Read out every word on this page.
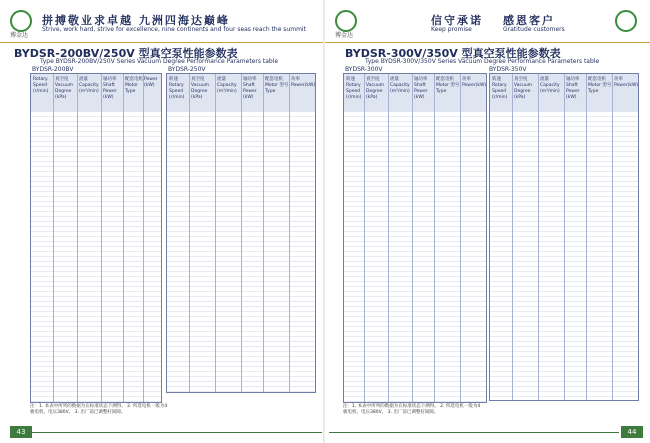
博金达
拼搏敬业求卓越 九洲四海达巅峰
Strive, work hard, strive for excellence, nine continents and four seas reach the summit
BYDSR-200BV/250V 型真空泵性能参数表
Type BYDSR-200BV/250V Series Vacuum Degree Performance Parameters table
BYDSR-200BV	BYDSR-250V
Rotary Speed (r/min)
真空度 Vacuum Degree (kPa)
流量 Capacity (m³/min)
轴功率 Shaft Power (kW)
配套电机 Motor Type
Power (kW)
转速 Rotary Speed (r/min)
真空度 Vacuum Degree (kPa)
流量 Capacity (m³/min)
轴功率 Shaft Power (kW)
配套电机 Motor 型号 Type
功率 Power(kW)
注：1. 本表中所列的数据为在标准状态下测得。 2. 所选电机一般为4极电机，电压380V。 3. 出厂前已调整好间隙。
43
博金达
信守承诺
Keep promise
感恩客户
Gratitude customers
BYDSR-300V/350V 型真空泵性能参数表
Type BYDSR-300V/350V Series Vacuum Degree Performance Parameters table
BYDSR-300V	BYDSR-350V
转速 Rotary Speed (r/min)
真空度 Vacuum Degree (kPa)
流量 Capacity (m³/min)
轴功率 Shaft Power (kW)
配套电机 Motor 型号 Type
功率 Power(kW)
转速 Rotary Speed (r/min)
真空度 Vacuum Degree (kPa)
流量 Capacity (m³/min)
轴功率 Shaft Power (kW)
配套电机 Motor 型号 Type
功率 Power(kW)
注：1. 本表中所列的数据为在标准状态下测得。 2. 所选电机一般为4极电机，电压380V。 3. 出厂前已调整好间隙。
44
